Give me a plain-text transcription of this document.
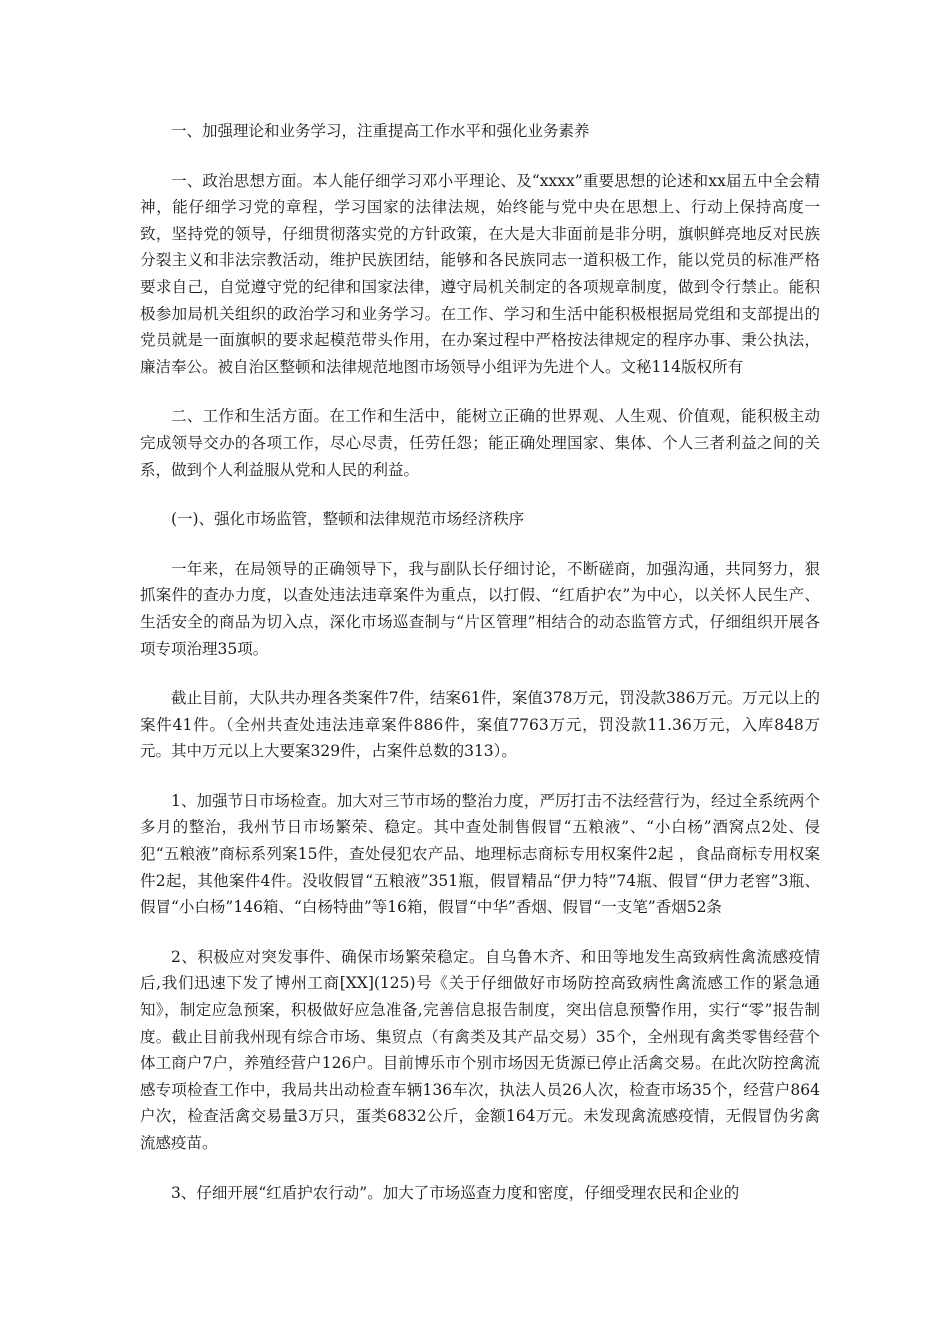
一、加强理论和业务学习，注重提高工作水平和强化业务素养

一、政治思想方面。本人能仔细学习邓小平理论、及“xxxx”重要思想的论述和xx届五中全会精神，能仔细学习党的章程，学习国家的法律法规，始终能与党中央在思想上、行动上保持高度一致，坚持党的领导，仔细贯彻落实党的方针政策，在大是大非面前是非分明，旗帜鲜亮地反对民族分裂主义和非法宗教活动，维护民族团结，能够和各民族同志一道积极工作，能以党员的标准严格要求自己，自觉遵守党的纪律和国家法律，遵守局机关制定的各项规章制度，做到令行禁止。能积极参加局机关组织的政治学习和业务学习。在工作、学习和生活中能积极根据局党组和支部提出的党员就是一面旗帜的要求起模范带头作用，在办案过程中严格按法律规定的程序办事、秉公执法，廉洁奉公。被自治区整顿和法律规范地图市场领导小组评为先进个人。文秘114版权所有

二、工作和生活方面。在工作和生活中，能树立正确的世界观、人生观、价值观，能积极主动完成领导交办的各项工作，尽心尽责，任劳任怨；能正确处理国家、集体、个人三者利益之间的关系，做到个人利益服从党和人民的利益。

(一)、强化市场监管，整顿和法律规范市场经济秩序

一年来，在局领导的正确领导下，我与副队长仔细讨论，不断磋商，加强沟通，共同努力，狠抓案件的查办力度，以查处违法违章案件为重点，以打假、“红盾护农”为中心，以关怀人民生产、生活安全的商品为切入点，深化市场巡查制与“片区管理”相结合的动态监管方式，仔细组织开展各项专项治理35项。

截止目前，大队共办理各类案件7件，结案61件，案值378万元，罚没款386万元。万元以上的案件41件。（全州共查处违法违章案件886件，案值7763万元，罚没款11.36万元，入库848万元。其中万元以上大要案329件，占案件总数的313）。

1、加强节日市场检查。加大对三节市场的整治力度，严厉打击不法经营行为，经过全系统两个多月的整治，我州节日市场繁荣、稳定。其中查处制售假冒“五粮液”、“小白杨”酒窝点2处、侵犯“五粮液”商标系列案15件，查处侵犯农产品、地理标志商标专用权案件2起 ，食品商标专用权案件2起，其他案件4件。没收假冒“五粮液”351瓶，假冒精品“伊力特”74瓶、假冒“伊力老窖”3瓶、假冒“小白杨”146箱、“白杨特曲”等16箱，假冒“中华”香烟、假冒“一支笔”香烟52条

2、积极应对突发事件、确保市场繁荣稳定。自乌鲁木齐、和田等地发生高致病性禽流感疫情后,我们迅速下发了博州工商[XX](125)号《关于仔细做好市场防控高致病性禽流感工作的紧急通知》，制定应急预案，积极做好应急准备,完善信息报告制度，突出信息预警作用，实行“零”报告制度。截止目前我州现有综合市场、集贸点（有禽类及其产品交易）35个，全州现有禽类零售经营个体工商户7户，养殖经营户126户。目前博乐市个别市场因无货源已停止活禽交易。在此次防控禽流感专项检查工作中，我局共出动检查车辆136车次，执法人员26人次，检查市场35个，经营户864户次，检查活禽交易量3万只，蛋类6832公斤，金额164万元。未发现禽流感疫情，无假冒伪劣禽流感疫苗。

3、仔细开展“红盾护农行动”。加大了市场巡查力度和密度，仔细受理农民和企业的
